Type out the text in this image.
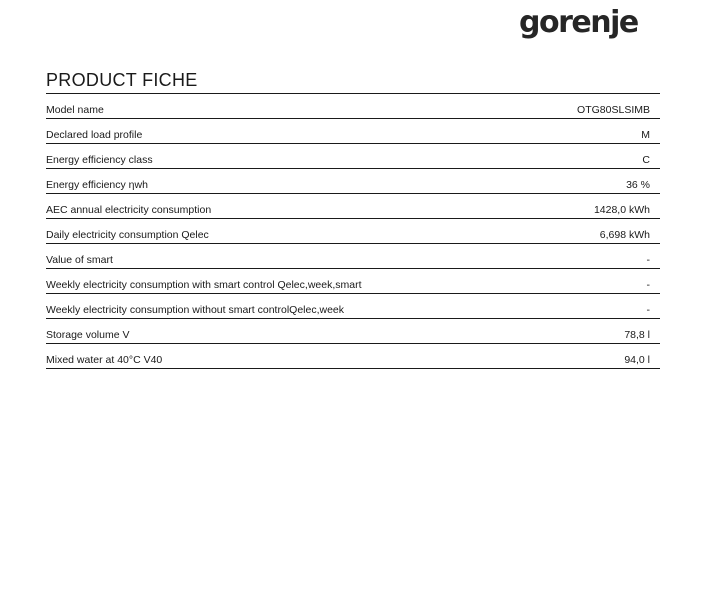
gorenje
PRODUCT FICHE
Model name	OTG80SLSIMB
Declared load profile	M
Energy efficiency class	C
Energy efficiency ηwh	36 %
AEC annual electricity consumption	1428,0 kWh
Daily electricity consumption Qelec	6,698 kWh
Value of smart	-
Weekly electricity consumption with smart control Qelec,week,smart	-
Weekly electricity consumption without smart controlQelec,week	-
Storage volume V	78,8 l
Mixed water at 40°C V40	94,0 l
